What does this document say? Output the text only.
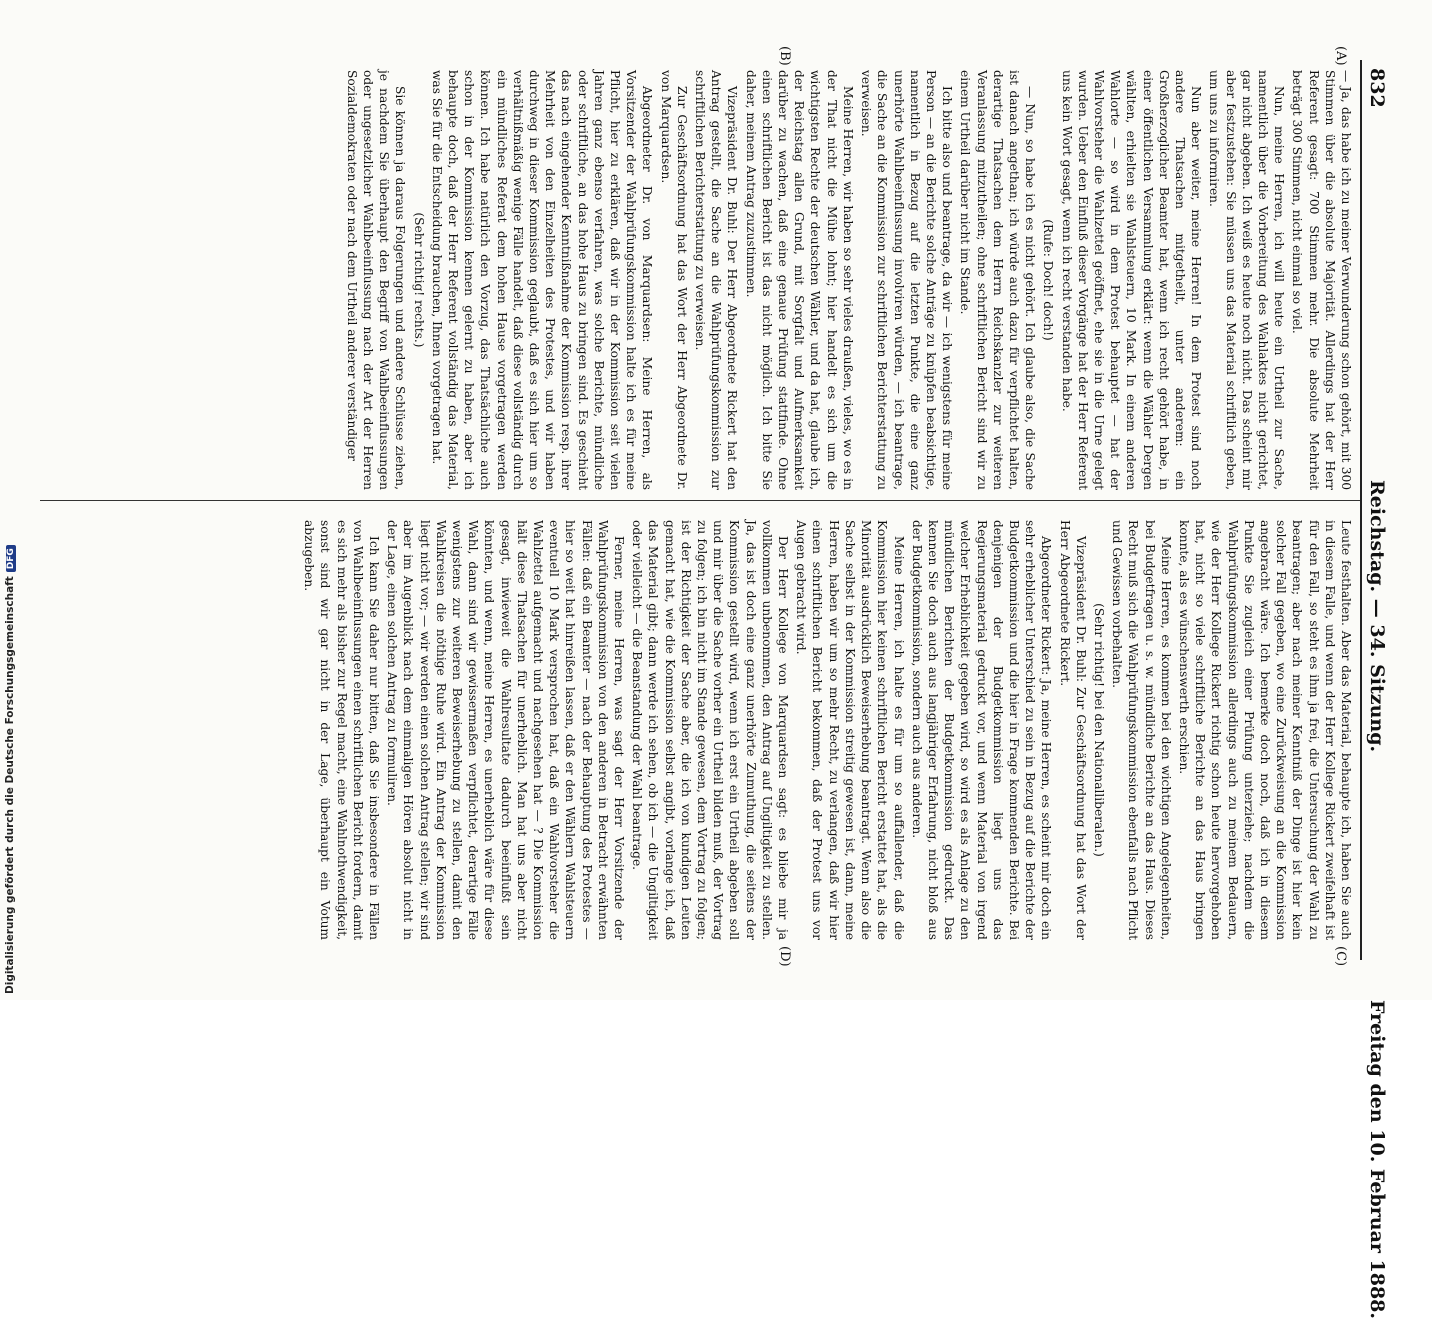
832
Reichstag. — 34. Sitzung.
Freitag den 10. Februar 1888.
(A)
(B)
(C)
(D)

— Ja, das habe ich zu meiner Verwunderung schon gehört, mit 300 Stimmen über die absolute Majorität. Allerdings hat der Herr Referent gesagt: 700 Stimmen mehr. Die absolute Mehrheit beträgt 300 Stimmen, nicht einmal so viel.

Nun, meine Herren, ich will heute ein Urtheil zur Sache, namentlich über die Vorbereitung des Wahlaktes nicht gerichtet, gar nicht abgeben. Ich weiß es heute noch nicht. Das scheint mir aber festzustehen: Sie müssen uns das Material schriftlich geben, um uns zu informiren.

Nun aber weiter, meine Herren! In dem Protest sind noch andere Thatsachen mitgetheilt, unter anderem: ein Großherzoglicher Beamter hat, wenn ich recht gehört habe, in einer öffentlichen Versammlung erklärt: wenn die Wähler Dergen wählten, erhielten sie Wahlsteuern, 10 Mark. In einem anderen Wahlorte — so wird in dem Protest behauptet — hat der Wahlvorsteher die Wahlzettel geöffnet, ehe sie in die Urne gelegt wurden. Ueber den Einfluß dieser Vorgänge hat der Herr Referent uns kein Wort gesagt, wenn ich recht verstanden habe.

(Rufe: Doch! doch!)

— Nun, so habe ich es nicht gehört. Ich glaube also, die Sache ist danach angethan; ich würde auch dazu für verpflichtet halten, derartige Thatsachen dem Herrn Reichskanzler zur weiteren Veranlassung mitzutheilen; ohne schriftlichen Bericht sind wir zu einem Urtheil darüber nicht im Stande.

Ich bitte also und beantrage, da wir — ich wenigstens für meine Person — an die Berichte solche Anträge zu knüpfen beabsichtige, namentlich in Bezug auf die letzten Punkte, die eine ganz unerhörte Wahlbeeinflussung involviren würden, — ich beantrage, die Sache an die Kommission zur schriftlichen Berichterstattung zu verweisen.

Meine Herren, wir haben so sehr vieles draußen, vieles, wo es in der That nicht die Mühe lohnt; hier handelt es sich um die wichtigsten Rechte der deutschen Wähler, und da hat, glaube ich, der Reichstag allen Grund, mit Sorgfalt und Aufmerksamkeit darüber zu wachen, daß eine genaue Prüfung stattfinde. Ohne einen schriftlichen Bericht ist das nicht möglich. Ich bitte Sie daher, meinem Antrag zuzustimmen.

Vizepräsident Dr. Buhl: Der Herr Abgeordnete Rickert hat den Antrag gestellt, die Sache an die Wahlprüfungskommission zur schriftlichen Berichterstattung zu verweisen.

Zur Geschäftsordnung hat das Wort der Herr Abgeordnete Dr. von Marquardsen.

Abgeordneter Dr. von Marquardsen: Meine Herren, als Vorsitzender der Wahlprüfungskommission halte ich es für meine Pflicht, hier zu erklären, daß wir in der Kommission seit vielen Jahren ganz ebenso verfahren, was solche Berichte, mündliche oder schriftliche, an das hohe Haus zu bringen sind. Es geschieht das nach eingehender Kenntnißnahme der Kommission resp. ihrer Mehrheit von den Einzelheiten des Protestes, und wir haben durchweg in dieser Kommission geglaubt, daß es sich hier um so verhältnißmäßig wenige Fälle handelt, daß diese vollständig durch ein mündliches Referat dem hohen Hause vorgetragen werden können. Ich habe natürlich den Vorzug, das Thatsächliche auch schon in der Kommission kennen gelernt zu haben, aber ich behaupte doch, daß der Herr Referent vollständig das Material, was Sie für die Entscheidung brauchen, Ihnen vorgetragen hat.

(Sehr richtig! rechts.)

Sie können ja daraus Folgerungen und andere Schlüsse ziehen, je nachdem Sie überhaupt den Begriff von Wahlbeeinflussungen oder ungesetzlicher Wahlbeeinflussung nach der Art der Herren Sozialdemokraten oder nach dem Urtheil anderer verständiger

Leute festhalten. Aber das Material, behaupte ich, haben Sie auch in diesem Falle, und wenn der Herr Kollege Rickert zweifelhaft ist für den Fall, so steht es ihm ja frei, die Untersuchung der Wahl zu beantragen; aber nach meiner Kenntniß der Dinge ist hier kein solcher Fall gegeben, wo eine Zurückweisung an die Kommission angebracht wäre. Ich bemerke doch noch, daß ich in diesem Punkte Sie zugleich einer Prüfung unterziehe; nachdem die Wahlprüfungskommission allerdings auch zu meinem Bedauern, wie der Herr Kollege Rickert richtig schon heute hervorgehoben hat, nicht so viele schriftliche Berichte an das Haus bringen konnte, als es wünschenswerth erschien.

Meine Herren, es kommen bei den wichtigen Angelegenheiten, bei Budgetfragen u. s. w. mündliche Berichte an das Haus. Dieses Recht muß sich die Wahlprüfungskommission ebenfalls nach Pflicht und Gewissen vorbehalten.

(Sehr richtig! bei den Nationalliberalen.)

Vizepräsident Dr. Buhl: Zur Geschäftsordnung hat das Wort der Herr Abgeordnete Rickert.

Abgeordneter Rickert: Ja, meine Herren, es scheint mir doch ein sehr erheblicher Unterschied zu sein in Bezug auf die Berichte der Budgetkommission und die hier in Frage kommenden Berichte. Bei denjenigen der Budgetkommission liegt uns das Regierungsmaterial gedruckt vor, und wenn Material von irgend welcher Erheblichkeit gegeben wird, so wird es als Anlage zu den mündlichen Berichten der Budgetkommission gedruckt. Das kennen Sie doch auch aus langjähriger Erfahrung, nicht bloß aus der Budgetkommission, sondern auch aus anderen.

Meine Herren, ich halte es für um so auffallender, daß die Kommission hier keinen schriftlichen Bericht erstattet hat, als die Minorität ausdrücklich Beweiserhebung beantragt. Wenn also die Sache selbst in der Kommission streitig gewesen ist, dann, meine Herren, haben wir um so mehr Recht, zu verlangen, daß wir hier einen schriftlichen Bericht bekommen, daß der Protest uns vor Augen gebracht wird.

Der Herr Kollege von Marquardsen sagt: es bliebe mir ja vollkommen unbenommen, den Antrag auf Ungiltigkeit zu stellen. Ja, das ist doch eine ganz unerhörte Zumuthung, die seitens der Kommission gestellt wird, wenn ich erst ein Urtheil abgeben soll und mir über die Sache vorher ein Urtheil bilden muß, der Vortrag zu folgen; ich bin nicht im Stande gewesen, dem Vortrag zu folgen; ist der Richtigkeit der Sache aber, die ich von kundigen Leuten gemacht hat, wie die Kommission selbst angibt, vorlange ich, daß das Material gibt; dann werde ich sehen, ob ich — die Ungiltigkeit oder vielleicht — die Beanstandung der Wahl beantrage.

Ferner, meine Herren, was sagt der Herr Vorsitzende der Wahlprüfungskommission von den anderen in Betracht erwähnten Fällen: daß ein Beamter — nach der Behauptung des Protestes — hier so weit hat hinreißen lassen, daß er den Wählern Wahlsteuern eventuell 10 Mark versprochen hat, daß ein Wahlvorsteher die Wahlzettel aufgemacht und nachgesehen hat — ? Die Kommission hält diese Thatsachen für unerheblich. Man hat uns aber nicht gesagt, inwieweit die Wahlresultate dadurch beeinflußt sein könnten, und wenn, meine Herren, es unerheblich wäre für diese Wahl, dann sind wir gewissermaßen verpflichtet, derartige Fälle wenigstens zur weiteren Beweiserhebung zu stellen, damit den Wahlkreisen die nöthige Ruhe wird. Ein Antrag der Kommission liegt nicht vor; — wir werden einen solchen Antrag stellen; wir sind aber im Augenblick nach dem einmaligen Hören absolut nicht in der Lage, einen solchen Antrag zu formuliren.

Ich kann Sie daher nur bitten, daß Sie insbesondere in Fällen von Wahlbeeinflussungen einen schriftlichen Bericht fordern, damit es sich mehr als bisher zur Regel macht, eine Wahlnothwendigkeit, sonst sind wir gar nicht in der Lage, überhaupt ein Votum abzugeben.

Digitalisierung gefördert durch die Deutsche ForschungsgemeinschaftDFG
